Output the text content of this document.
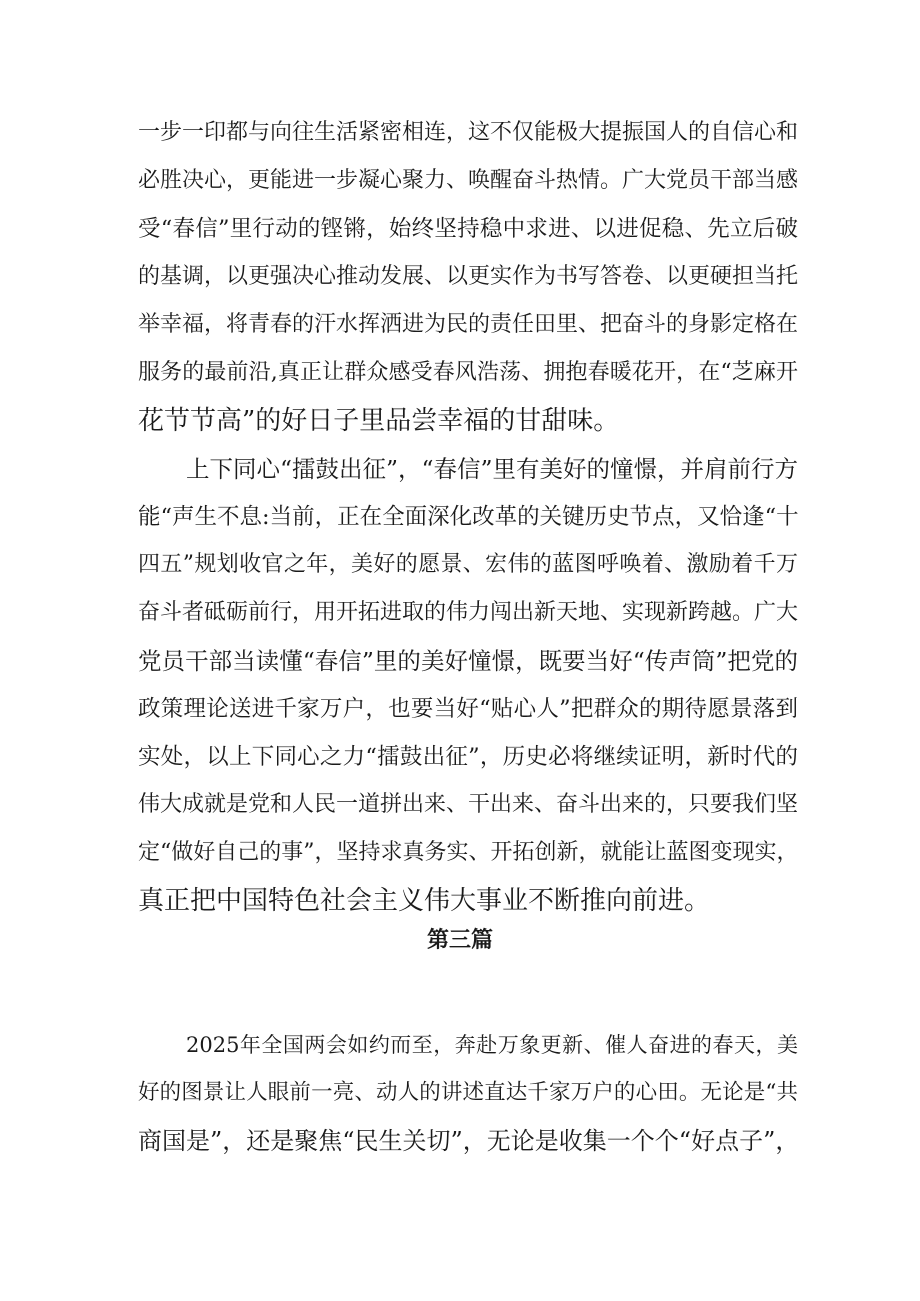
一步一印都与向往生活紧密相连，这不仅能极大提振国人的自信心和
必胜决心，更能进一步凝心聚力、唤醒奋斗热情。广大党员干部当感
受“春信”里行动的铿锵，始终坚持稳中求进、以进促稳、先立后破
的基调，以更强决心推动发展、以更实作为书写答卷、以更硬担当托
举幸福，将青春的汗水挥洒进为民的责任田里、把奋斗的身影定格在
服务的最前沿,真正让群众感受春风浩荡、拥抱春暖花开，在“芝麻开
花节节高”的好日子里品尝幸福的甘甜味。
上下同心“擂鼓出征”，“春信”里有美好的憧憬，并肩前行方
能“声生不息:当前，正在全面深化改革的关键历史节点，又恰逢“十
四五”规划收官之年，美好的愿景、宏伟的蓝图呼唤着、激励着千万
奋斗者砥砺前行，用开拓进取的伟力闯出新天地、实现新跨越。广大
党员干部当读懂“春信”里的美好憧憬，既要当好“传声筒”把党的
政策理论送进千家万户，也要当好“贴心人”把群众的期待愿景落到
实处，以上下同心之力“擂鼓出征”，历史必将继续证明，新时代的
伟大成就是党和人民一道拼出来、干出来、奋斗出来的，只要我们坚
定“做好自己的事”，坚持求真务实、开拓创新，就能让蓝图变现实，
真正把中国特色社会主义伟大事业不断推向前进。
第三篇
2025年全国两会如约而至，奔赴万象更新、催人奋进的春天，美
好的图景让人眼前一亮、动人的讲述直达千家万户的心田。无论是“共
商国是”，还是聚焦“民生关切”，无论是收集一个个“好点子”，
